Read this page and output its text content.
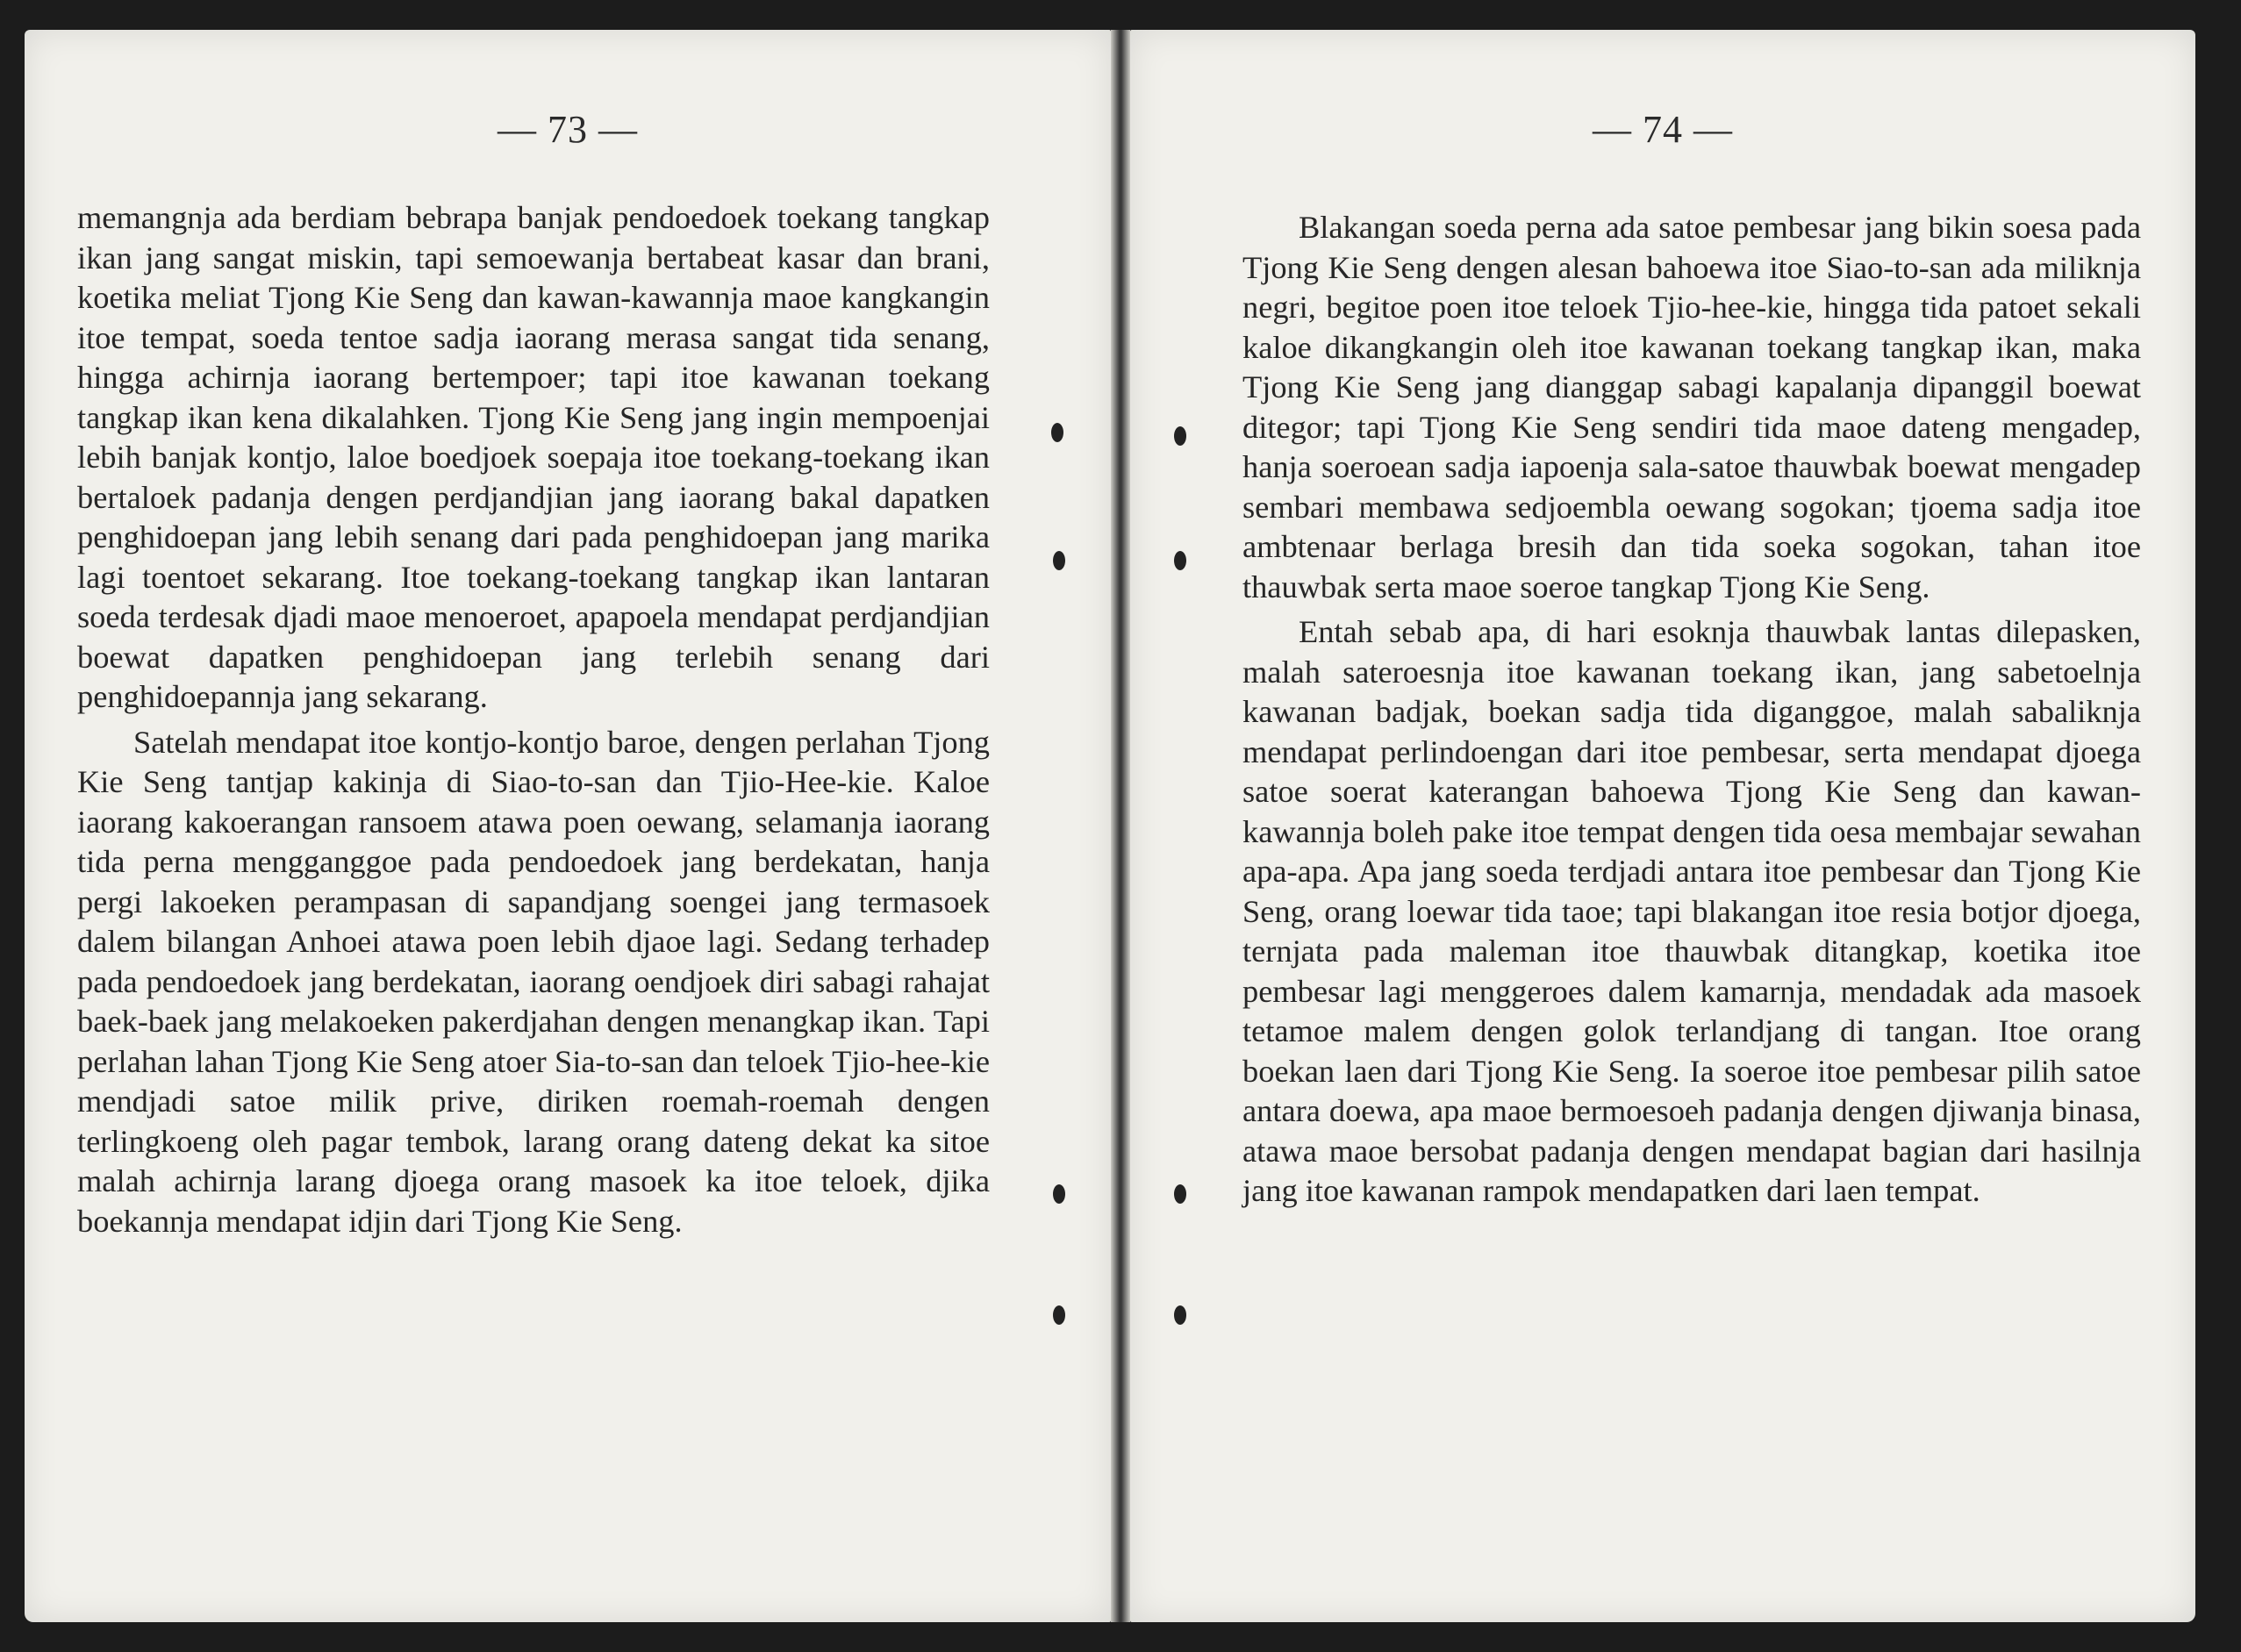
— 73 —

memangnja ada berdiam bebrapa banjak pendoedoek toekang tangkap ikan jang sangat miskin, tapi semoewanja bertabeat kasar dan brani, koetika meliat Tjong Kie Seng dan kawan-kawannja maoe kangkangin itoe tempat, soeda tentoe sadja iaorang merasa sangat tida senang, hingga achirnja iaorang bertempoer; tapi itoe kawanan toekang tangkap ikan kena dikalahken. Tjong Kie Seng jang ingin mempoenjai lebih banjak kontjo, laloe boedjoek soepaja itoe toekang-toekang ikan bertaloek padanja dengen perdjandjian jang iaorang bakal dapatken penghidoepan jang lebih senang dari pada penghidoepan jang marika lagi toentoet sekarang. Itoe toekang-toekang tangkap ikan lantaran soeda terdesak djadi maoe menoeroet, apapoela mendapat perdjandjian boewat dapatken penghidoepan jang terlebih senang dari penghidoepannja jang sekarang.

Satelah mendapat itoe kontjo-kontjo baroe, dengen perlahan Tjong Kie Seng tantjap kakinja di Siao-to-san dan Tjio-Hee-kie. Kaloe iaorang kakoerangan ransoem atawa poen oewang, selamanja iaorang tida perna mengganggoe pada pendoedoek jang berdekatan, hanja pergi lakoeken perampasan di sapandjang soengei jang termasoek dalem bilangan Anhoei atawa poen lebih djaoe lagi. Sedang terhadep pada pendoedoek jang berdekatan, iaorang oendjoek diri sabagi rahajat baek-baek jang melakoeken pakerdjahan dengen menangkap ikan. Tapi perlahan lahan Tjong Kie Seng atoer Sia-to-san dan teloek Tjio-hee-kie mendjadi satoe milik prive, diriken roemah-roemah dengen terlingkoeng oleh pagar tembok, larang orang dateng dekat ka sitoe malah achirnja larang djoega orang masoek ka itoe teloek, djika boekannja mendapat idjin dari Tjong Kie Seng.

— 74 —

Blakangan soeda perna ada satoe pembesar jang bikin soesa pada Tjong Kie Seng dengen alesan bahoewa itoe Siao-to-san ada miliknja negri, begitoe poen itoe teloek Tjio-hee-kie, hingga tida patoet sekali kaloe dikangkangin oleh itoe kawanan toekang tangkap ikan, maka Tjong Kie Seng jang dianggap sabagi kapalanja dipanggil boewat ditegor; tapi Tjong Kie Seng sendiri tida maoe dateng mengadep, hanja soeroean sadja iapoenja sala-satoe thauwbak boewat mengadep sembari membawa sedjoembla oewang sogokan; tjoema sadja itoe ambtenaar berlaga bresih dan tida soeka sogokan, tahan itoe thauwbak serta maoe soeroe tangkap Tjong Kie Seng.

Entah sebab apa, di hari esoknja thauwbak lantas dilepasken, malah sateroesnja itoe kawanan toekang ikan, jang sabetoelnja kawanan badjak, boekan sadja tida diganggoe, malah sabaliknja mendapat perlindoengan dari itoe pembesar, serta mendapat djoega satoe soerat katerangan bahoewa Tjong Kie Seng dan kawan-kawannja boleh pake itoe tempat dengen tida oesa membajar sewahan apa-apa. Apa jang soeda terdjadi antara itoe pembesar dan Tjong Kie Seng, orang loewar tida taoe; tapi blakangan itoe resia botjor djoega, ternjata pada maleman itoe thauwbak ditangkap, koetika itoe pembesar lagi menggeroes dalem kamarnja, mendadak ada masoek tetamoe malem dengen golok terlandjang di tangan. Itoe orang boekan laen dari Tjong Kie Seng. Ia soeroe itoe pembesar pilih satoe antara doewa, apa maoe bermoesoeh padanja dengen djiwanja binasa, atawa maoe bersobat padanja dengen mendapat bagian dari hasilnja jang itoe kawanan rampok mendapatken dari laen tempat.
